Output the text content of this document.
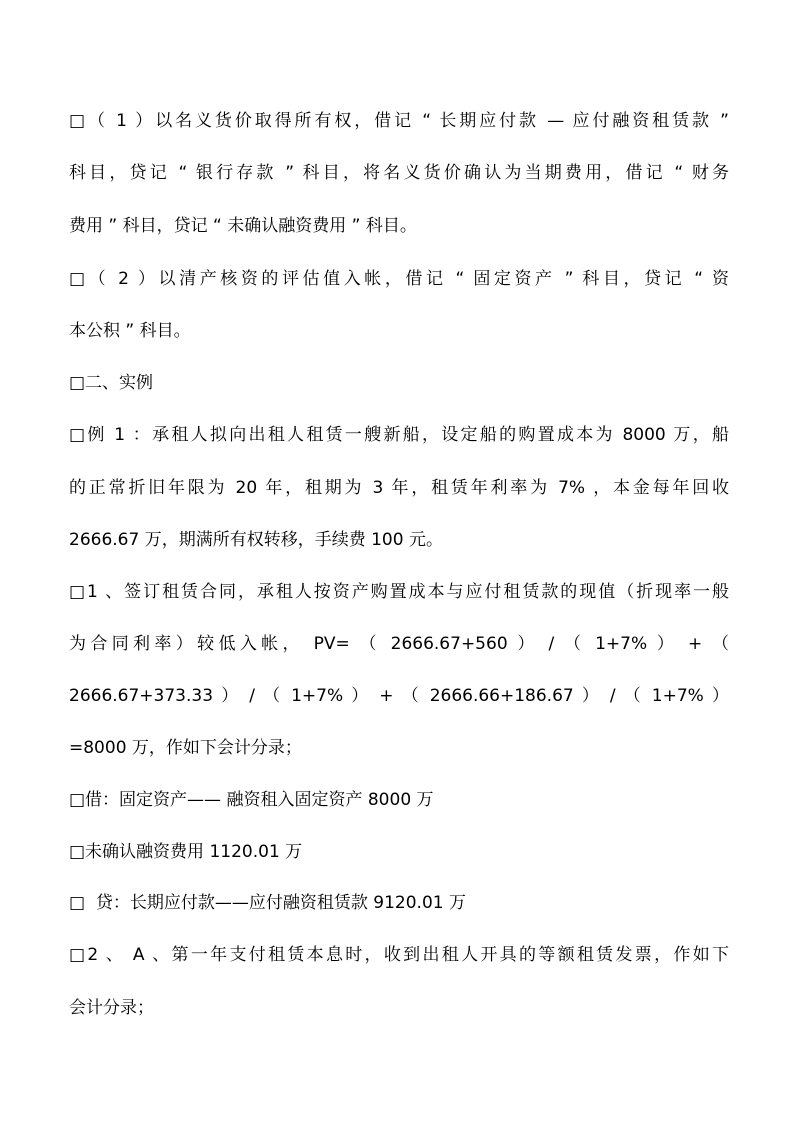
□（ 1 ）以名义货价取得所有权，借记 “ 长期应付款 — 应付融资租赁款 ”
科目，贷记 “ 银行存款 ” 科目，将名义货价确认为当期费用，借记 “ 财务
费用 ” 科目，贷记 “ 未确认融资费用 ” 科目。
□（ 2 ）以清产核资的评估值入帐，借记 “ 固定资产 ” 科目，贷记 “ 资
本公积 ” 科目。
□二、实例
□例 1 ：承租人拟向出租人租赁一艘新船，设定船的购置成本为 8000 万，船
的正常折旧年限为 20 年，租期为 3 年，租赁年利率为 7% ，本金每年回收
2666.67 万，期满所有权转移，手续费 100 元。
□1 、签订租赁合同，承租人按资产购置成本与应付租赁款的现值（折现率一般
为合同利率）较低入帐， PV= （ 2666.67+560 ） / （ 1+7% ） + （
2666.67+373.33 ） / （ 1+7% ） + （ 2666.66+186.67 ） / （ 1+7% ）
=8000 万，作如下会计分录；
□借：固定资产—— 融资租入固定资产 8000 万
□未确认融资费用 1120.01 万
□  贷：长期应付款——应付融资租赁款 9120.01 万
□2 、 A 、第一年支付租赁本息时，收到出租人开具的等额租赁发票，作如下
会计分录；
